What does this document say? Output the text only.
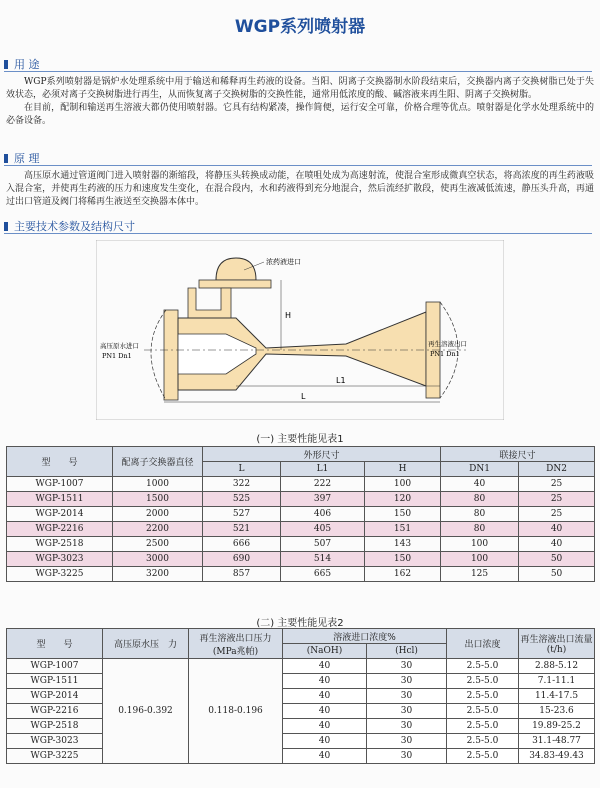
WGP系列喷射器
用 途

WGP系列喷射器是锅炉水处理系统中用于输送和稀释再生药液的设备。当阳、阴离子交换器制水阶段结束后，交换器内离子交换树脂已处于失效状态，必须对离子交换树脂进行再生，从而恢复离子交换树脂的交换性能，通常用低浓度的酸、碱溶液来再生阳、阴离子交换树脂。

在目前，配制和输送再生溶液大都仍使用喷射器。它具有结构紧凑，操作简便，运行安全可靠，价格合理等优点。喷射器是化学水处理系统中的必备设备。

原 理

高压原水通过管道阀门进入喷射器的渐缩段，将静压头转换成动能，在喷咀处成为高速射流，使混合室形成微真空状态，将高浓度的再生药液吸入混合室，并使再生药液的压力和速度发生变化，在混合段内，水和药液得到充分地混合，然后流经扩散段，使再生液减低流速，静压头升高，再通过出口管道及阀门将稀再生液送至交换器本体中。

主要技术参数及结构尺寸
H
L1
L
浓药液进口
高压原水进口
PN1 Dn1
再生溶液出口
PN1 Dn1
(一) 主要性能见表1
型　　号	配离子交换器直径	外形尺寸			联接尺寸	
		L	L1	H	DN1	DN2
WGP-1007	1000	322	222	100	40	25
WGP-1511	1500	525	397	120	80	25
WGP-2014	2000	527	406	150	80	25
WGP-2216	2200	521	405	151	80	40
WGP-2518	2500	666	507	143	100	40
WGP-3023	3000	690	514	150	100	50
WGP-3225	3200	857	665	162	125	50
(二) 主要性能见表2
型　　号	高压原水压　力	再生溶液出口压力(MPa兆帕)	溶液进口浓度%		出口浓度	再生溶液出口流量(t/h)
			(NaOH)	(Hcl)		
WGP-1007	0.196-0.392	0.118-0.196	40	30	2.5-5.0	2.88-5.12
WGP-1511			40	30	2.5-5.0	7.1-11.1
WGP-2014			40	30	2.5-5.0	11.4-17.5
WGP-2216			40	30	2.5-5.0	15-23.6
WGP-2518			40	30	2.5-5.0	19.89-25.2
WGP-3023			40	30	2.5-5.0	31.1-48.77
WGP-3225			40	30	2.5-5.0	34.83-49.43
